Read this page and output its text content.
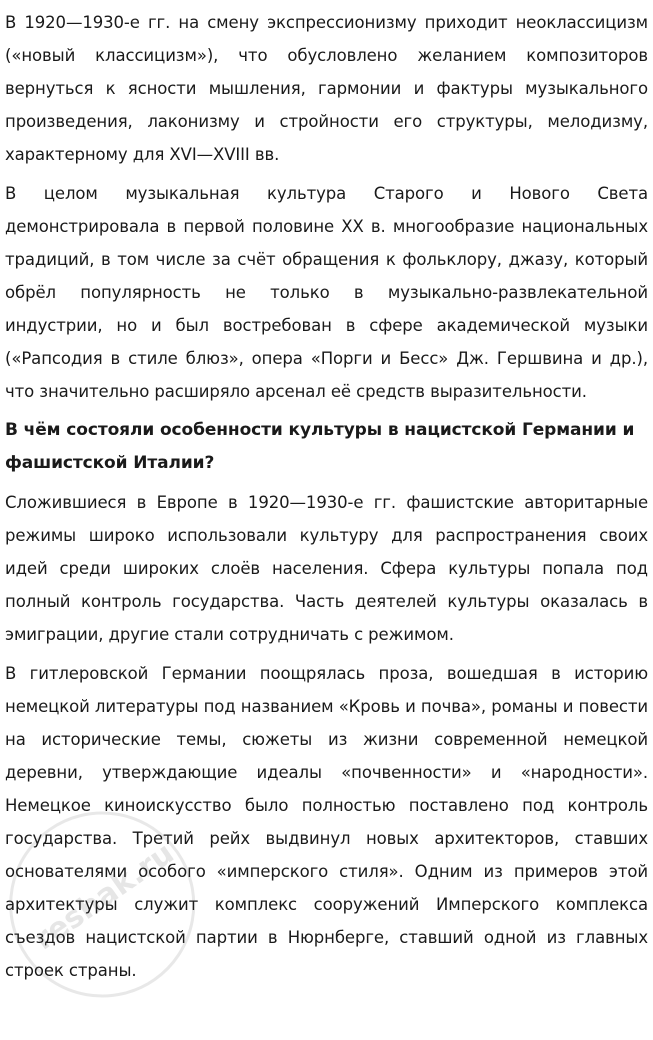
В 1920—1930-е гг. на смену экспрессионизму приходит неоклассицизм («новый классицизм»), что обусловлено желанием композиторов вернуться к ясности мышления, гармонии и фактуры музыкального произведения, лаконизму и стройности его структуры, мелодизму, характерному для XVI—XVIII вв.

В целом музыкальная культура Старого и Нового Света демонстрировала в первой половине XX в. многообразие национальных традиций, в том числе за счёт обращения к фольклору, джазу, который обрёл популярность не только в музыкально-развлекательной индустрии, но и был востребован в сфере академической музыки («Рапсодия в стиле блюз», опера «Порги и Бесс» Дж. Гершвина и др.), что значительно расширяло арсенал её средств выразительности.

В чём состояли особенности культуры в нацистской Германии и фашистской Италии?

Сложившиеся в Европе в 1920—1930-е гг. фашистские авторитарные режимы широко использовали культуру для распространения своих идей среди широких слоёв населения. Сфера культуры попала под полный контроль государства. Часть деятелей культуры оказалась в эмиграции, другие стали сотрудничать с режимом.

В гитлеровской Германии поощрялась проза, вошедшая в историю немецкой литературы под названием «Кровь и почва», романы и повести на исторические темы, сюжеты из жизни современной немецкой деревни, утверждающие идеалы «почвенности» и «народности». Немецкое киноискусство было полностью поставлено под контроль государства. Третий рейх выдвинул новых архитекторов, ставших основателями особого «имперского стиля». Одним из примеров этой архитектуры служит комплекс сооружений Имперского комплекса съездов нацистской партии в Нюрнберге, ставший одной из главных строек страны.

reshak.ru
